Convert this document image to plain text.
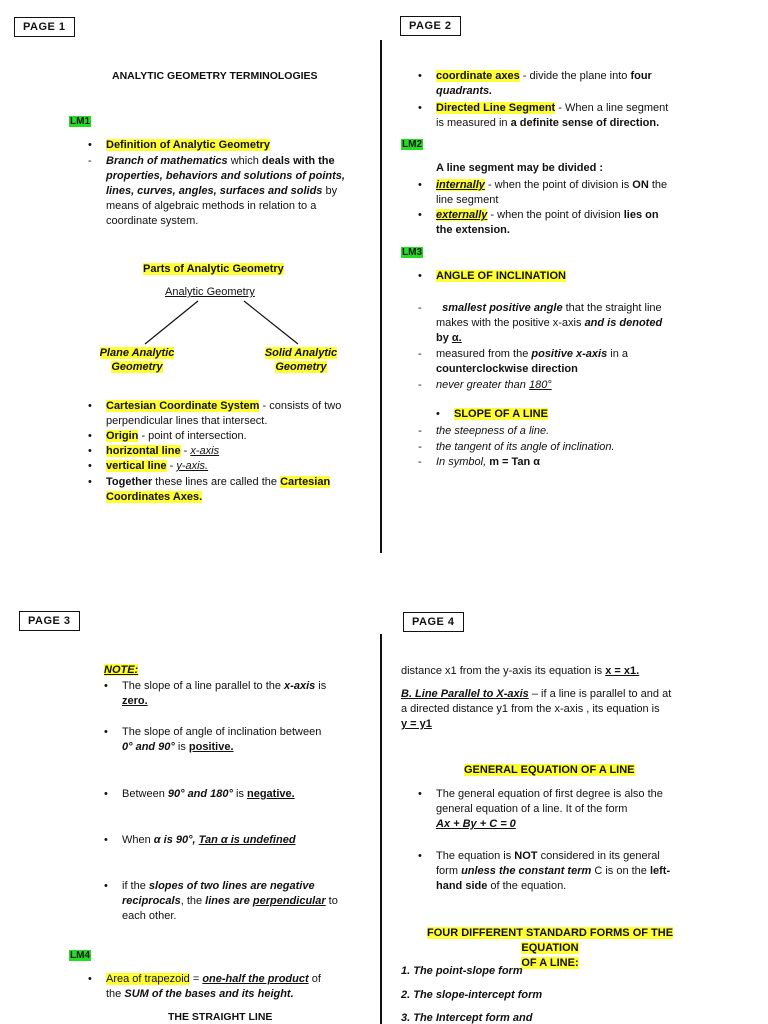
PAGE 1	PAGE 2
PAGE 3	PAGE 4
ANALYTIC GEOMETRY TERMINOLOGIES
LM1
•	Definition of Analytic Geometry
-	Branch of mathematics which deals with the
properties, behaviors and solutions of points,
lines, curves, angles, surfaces and solids by
means of algebraic methods in relation to a
coordinate system.
Parts of Analytic Geometry
Analytic Geometry
Plane Analytic
Geometry
Solid Analytic
Geometry
•	Cartesian Coordinate System - consists of two
perpendicular lines that intersect.
•	Origin - point of intersection.
•	horizontal line - x-axis
•	vertical line - y-axis.
•	Together these lines are called the Cartesian
Coordinates Axes.
•	coordinate axes - divide the plane into four
quadrants.
•	Directed Line Segment - When a line segment
is measured in a definite sense of direction.
LM2
A line segment may be divided :
•	internally - when the point of division is ON the
line segment
•	externally - when the point of division lies on
the extension.
LM3
•	ANGLE OF INCLINATION
-	smallest positive angle that the straight line
makes with the positive x-axis and is denoted
by α.
-	measured from the positive x-axis in a
counterclockwise direction
-	never greater than 180°
•	SLOPE OF A LINE
-	the steepness of a line.
-	the tangent of its angle of inclination.
-	In symbol, m = Tan α
NOTE:
•	The slope of a line parallel to the x-axis is
zero.
•	The slope of angle of inclination between
0° and 90° is positive.
•	Between 90° and 180° is negative.
•	When α is 90°, Tan α is undefined
•	if the slopes of two lines are negative
reciprocals, the lines are perpendicular to
each other.
LM4
•	Area of trapezoid = one-half the product of
the SUM of the bases and its height.
THE STRAIGHT LINE
distance x1 from the y-axis its equation is x = x1.
B. Line Parallel to X-axis – if a line is parallel to and at
a directed distance y1 from the x-axis , its equation is
y = y1
GENERAL EQUATION OF A LINE
•	The general equation of first degree is also the
general equation of a line. It of the form
Ax + By + C = 0
•	The equation is NOT considered in its general
form unless the constant term C is on the left-
hand side of the equation.
FOUR DIFFERENT STANDARD FORMS OF THE EQUATION
OF A LINE:
1. The point-slope form
2. The slope-intercept form
3. The Intercept form and
